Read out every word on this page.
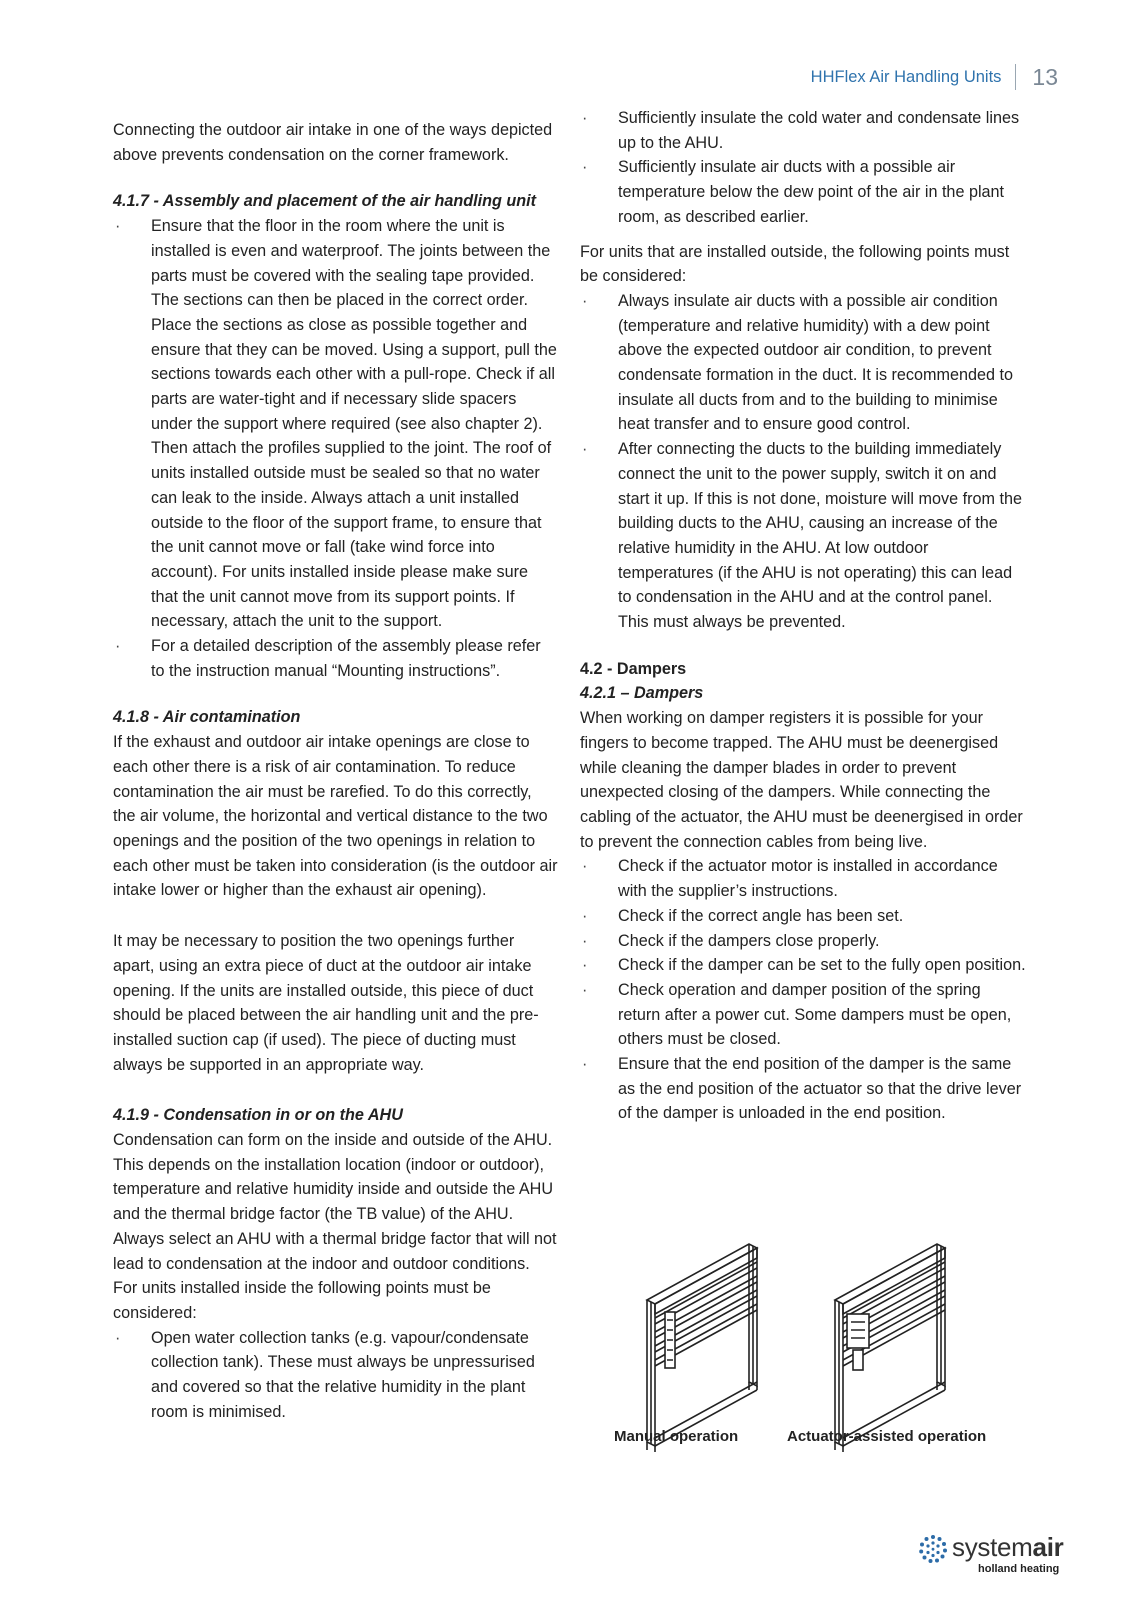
HHFlex Air Handling Units 13

Connecting the outdoor air intake in one of the ways depicted above prevents condensation on the corner framework.

4.1.7 - Assembly and placement of the air handling unit

· Ensure that the floor in the room where the unit is installed is even and waterproof. The joints between the parts must be covered with the sealing tape provided. The sections can then be placed in the correct order. Place the sections as close as possible together and ensure that they can be moved. Using a support, pull the sections towards each other with a pull-rope. Check if all parts are water-tight and if necessary slide spacers under the support where required (see also chapter 2). Then attach the profiles supplied to the joint. The roof of units installed outside must be sealed so that no water can leak to the inside. Always attach a unit installed outside to the floor of the support frame, to ensure that the unit cannot move or fall (take wind force into account). For units installed inside please make sure that the unit cannot move from its support points. If necessary, attach the unit to the support.
· For a detailed description of the assembly please refer to the instruction manual “Mounting instructions”.

4.1.8 - Air contamination

If the exhaust and outdoor air intake openings are close to each other there is a risk of air contamination. To reduce contamination the air must be rarefied. To do this correctly, the air volume, the horizontal and vertical distance to the two openings and the position of the two openings in relation to each other must be taken into consideration (is the outdoor air intake lower or higher than the exhaust air opening).

It may be necessary to position the two openings further apart, using an extra piece of duct at the outdoor air intake opening. If the units are installed outside, this piece of duct should be placed between the air handling unit and the pre-installed suction cap (if used). The piece of ducting must always be supported in an appropriate way.

4.1.9 - Condensation in or on the AHU

Condensation can form on the inside and outside of the AHU. This depends on the installation location (indoor or outdoor), temperature and relative humidity inside and outside the AHU and the thermal bridge factor (the TB value) of the AHU. Always select an AHU with a thermal bridge factor that will not lead to condensation at the indoor and outdoor conditions. For units installed inside the following points must be considered:

· Open water collection tanks (e.g. vapour/condensate collection tank). These must always be unpressurised and covered so that the relative humidity in the plant room is minimised.
· Sufficiently insulate the cold water and condensate lines up to the AHU.
· Sufficiently insulate air ducts with a possible air temperature below the dew point of the air in the plant room, as described earlier.

For units that are installed outside, the following points must be considered:

· Always insulate air ducts with a possible air condition (temperature and relative humidity) with a dew point above the expected outdoor air condition, to prevent condensate formation in the duct. It is recommended to insulate all ducts from and to the building to minimise heat transfer and to ensure good control.
· After connecting the ducts to the building immediately connect the unit to the power supply, switch it on and start it up. If this is not done, moisture will move from the building ducts to the AHU, causing an increase of the relative humidity in the AHU. At low outdoor temperatures (if the AHU is not operating) this can lead to condensation in the AHU and at the control panel. This must always be prevented.

4.2 - Dampers

4.2.1 – Dampers

When working on damper registers it is possible for your fingers to become trapped. The AHU must be deenergised while cleaning the damper blades in order to prevent unexpected closing of the dampers. While connecting the cabling of the actuator, the AHU must be deenergised in order to prevent the connection cables from being live.

· Check if the actuator motor is installed in accordance with the supplier’s instructions.
· Check if the correct angle has been set.
· Check if the dampers close properly.
· Check if the damper can be set to the fully open position.
· Check operation and damper position of the spring return after a power cut. Some dampers must be open, others must be closed.
· Ensure that the end position of the damper is the same as the end position of the actuator so that the drive lever of the damper is unloaded in the end position.
Manual operation	Actuator-assisted operation
systemair
holland heating
